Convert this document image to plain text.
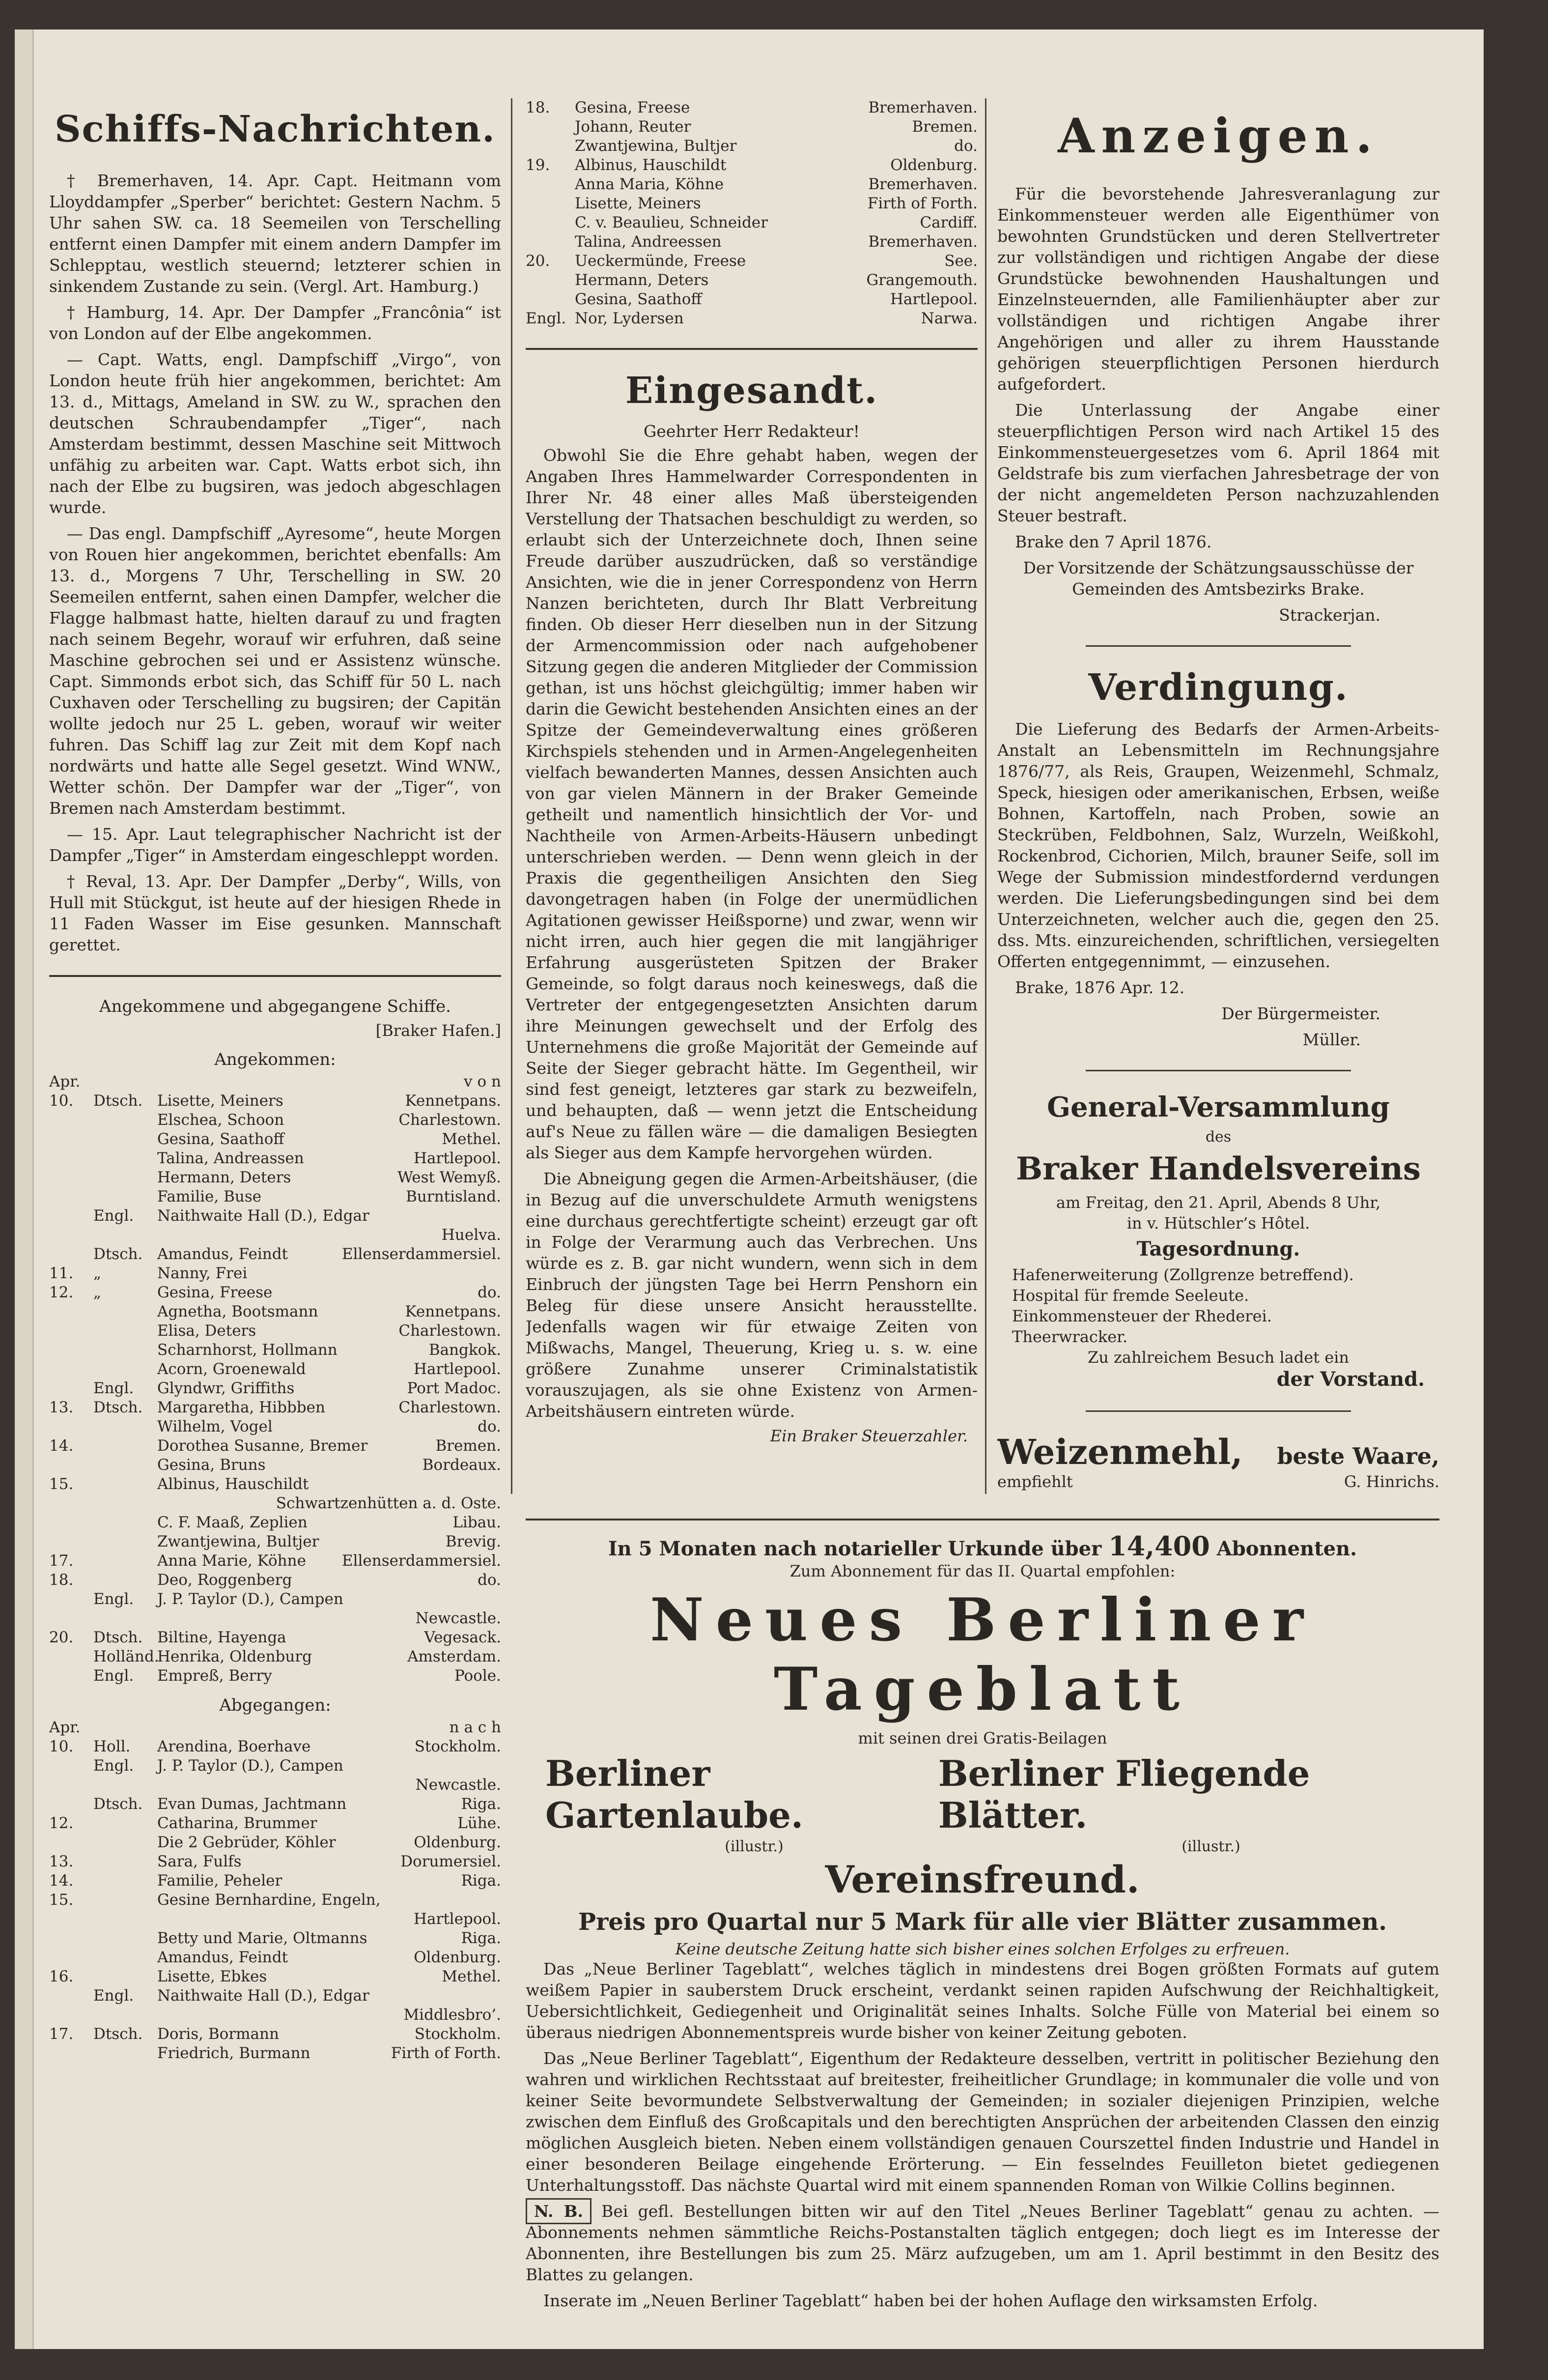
Schiffs-Nachrichten.

† Bremerhaven, 14. Apr. Capt. Heitmann vom Lloyddampfer „Sperber“ berichtet: Gestern Nachm. 5 Uhr sahen SW. ca. 18 Seemeilen von Terschelling entfernt einen Dampfer mit einem andern Dampfer im Schlepptau, westlich steuernd; letzterer schien in sinkendem Zustande zu sein. (Vergl. Art. Hamburg.)

† Hamburg, 14. Apr. Der Dampfer „Francônia“ ist von London auf der Elbe angekommen.

— Capt. Watts, engl. Dampfschiff „Virgo“, von London heute früh hier angekommen, berichtet: Am 13. d., Mittags, Ameland in SW. zu W., sprachen den deutschen Schraubendampfer „Tiger“, nach Amsterdam bestimmt, dessen Maschine seit Mittwoch unfähig zu arbeiten war. Capt. Watts erbot sich, ihn nach der Elbe zu bugsiren, was jedoch abgeschlagen wurde.

— Das engl. Dampfschiff „Ayresome“, heute Morgen von Rouen hier angekommen, berichtet ebenfalls: Am 13. d., Morgens 7 Uhr, Terschelling in SW. 20 Seemeilen entfernt, sahen einen Dampfer, welcher die Flagge halbmast hatte, hielten darauf zu und fragten nach seinem Begehr, worauf wir erfuhren, daß seine Maschine gebrochen sei und er Assistenz wünsche. Capt. Simmonds erbot sich, das Schiff für 50 L. nach Cuxhaven oder Terschelling zu bugsiren; der Capitän wollte jedoch nur 25 L. geben, worauf wir weiter fuhren. Das Schiff lag zur Zeit mit dem Kopf nach nordwärts und hatte alle Segel gesetzt. Wind WNW., Wetter schön. Der Dampfer war der „Tiger“, von Bremen nach Amsterdam bestimmt.

— 15. Apr. Laut telegraphischer Nachricht ist der Dampfer „Tiger“ in Amsterdam eingeschleppt worden.

† Reval, 13. Apr. Der Dampfer „Derby“, Wills, von Hull mit Stückgut, ist heute auf der hiesigen Rhede in 11 Faden Wasser im Eise gesunken. Mannschaft gerettet.

Angekommene und abgegangene Schiffe.
[Braker Hafen.]
Angekommen:
Apr.	v o n
10.	Dtsch. Lisette, Meiners	Kennetpans.
Elschea, Schoon	Charlestown.
Gesina, Saathoff	Methel.
Talina, Andreassen	Hartlepool.
Hermann, Deters	West Wemyß.
Familie, Buse	Burntisland.
Engl.	Naithwaite Hall (D.), Edgar
Huelva.
Dtsch. Amandus, Feindt	Ellenserdammersiel.
11.	„	Nanny, Frei
12.	„	Gesina, Freese	do.
Agnetha, Bootsmann	Kennetpans.
Elisa, Deters	Charlestown.
Scharnhorst, Hollmann	Bangkok.
Acorn, Groenewald	Hartlepool.
Engl.	Glyndwr, Griffiths	Port Madoc.
13.	Dtsch. Margaretha, Hibbben	Charlestown.
Wilhelm, Vogel	do.
14.	Dorothea Susanne, Bremer	Bremen.
Gesina, Bruns	Bordeaux.
15.	Albinus, Hauschildt
Schwartzenhütten a. d. Oste.
C. F. Maaß, Zeplien	Libau.
Zwantjewina, Bultjer	Brevig.
17.	Anna Marie, Köhne	Ellenserdammersiel.
18.	Deo, Roggenberg	do.
Engl.	J. P. Taylor (D.), Campen
Newcastle.
20.	Dtsch. Biltine, Hayenga	Vegesack.
Holländ.
Henrika, Oldenburg	Amsterdam.
Engl.	Empreß, Berry	Poole.
Abgegangen:
Apr.	n a c h
10.	Holl.	Arendina, Boerhave	Stockholm.
Engl.	J. P. Taylor (D.), Campen
Newcastle.
Dtsch. Evan Dumas, Jachtmann	Riga.
12.	Catharina, Brummer	Lühe.
Die 2 Gebrüder, Köhler	Oldenburg.
13.	Sara, Fulfs	Dorumersiel.
14.	Familie, Peheler	Riga.
15.	Gesine Bernhardine, Engeln,
Hartlepool.
Betty und Marie, Oltmanns	Riga.
Amandus, Feindt	Oldenburg.
16.	Lisette, Ebkes	Methel.
Engl.	Naithwaite Hall (D.), Edgar
Middlesbro’.
17.	Dtsch. Doris, Bormann	Stockholm.
Friedrich, Burmann	Firth of Forth.
18.	Gesina, Freese	Bremerhaven.
Johann, Reuter	Bremen.
Zwantjewina, Bultjer	do.
19.	Albinus, Hauschildt	Oldenburg.
Anna Maria, Köhne	Bremerhaven.
Lisette, Meiners	Firth of Forth.
C. v. Beaulieu, Schneider	Cardiff.
Talina, Andreessen	Bremerhaven.
20.	Ueckermünde, Freese	See.
Hermann, Deters	Grangemouth.
Gesina, Saathoff	Hartlepool.
Engl. Nor, Lydersen	Narwa.
Eingesandt.
Geehrter Herr Redakteur!

Obwohl Sie die Ehre gehabt haben, wegen der Angaben Ihres Hammelwarder Correspondenten in Ihrer Nr. 48 einer alles Maß übersteigenden Verstellung der Thatsachen beschuldigt zu werden, so erlaubt sich der Unterzeichnete doch, Ihnen seine Freude darüber auszudrücken, daß so verständige Ansichten, wie die in jener Correspondenz von Herrn Nanzen berichteten, durch Ihr Blatt Verbreitung finden. Ob dieser Herr dieselben nun in der Sitzung der Armencommission oder nach aufgehobener Sitzung gegen die anderen Mitglieder der Commission gethan, ist uns höchst gleichgültig; immer haben wir darin die Gewicht bestehenden Ansichten eines an der Spitze der Gemeindeverwaltung eines größeren Kirchspiels stehenden und in Armen-Angelegenheiten vielfach bewanderten Mannes, dessen Ansichten auch von gar vielen Männern in der Braker Gemeinde getheilt und namentlich hinsichtlich der Vor- und Nachtheile von Armen-Arbeits-Häusern unbedingt unterschrieben werden. — Denn wenn gleich in der Praxis die gegentheiligen Ansichten den Sieg davongetragen haben (in Folge der unermüdlichen Agitationen gewisser Heißsporne) und zwar, wenn wir nicht irren, auch hier gegen die mit langjähriger Erfahrung ausgerüsteten Spitzen der Braker Gemeinde, so folgt daraus noch keineswegs, daß die Vertreter der entgegengesetzten Ansichten darum ihre Meinungen gewechselt und der Erfolg des Unternehmens die große Majorität der Gemeinde auf Seite der Sieger gebracht hätte. Im Gegentheil, wir sind fest geneigt, letzteres gar stark zu bezweifeln, und behaupten, daß — wenn jetzt die Entscheidung auf's Neue zu fällen wäre — die damaligen Besiegten als Sieger aus dem Kampfe hervorgehen würden.

Die Abneigung gegen die Armen-Arbeitshäuser, (die in Bezug auf die unverschuldete Armuth wenigstens eine durchaus gerechtfertigte scheint) erzeugt gar oft in Folge der Verarmung auch das Verbrechen. Uns würde es z. B. gar nicht wundern, wenn sich in dem Einbruch der jüngsten Tage bei Herrn Penshorn ein Beleg für diese unsere Ansicht herausstellte. Jedenfalls wagen wir für etwaige Zeiten von Mißwachs, Mangel, Theuerung, Krieg u. s. w. eine größere Zunahme unserer Criminalstatistik vorauszujagen, als sie ohne Existenz von Armen-Arbeitshäusern eintreten würde.

Ein Braker Steuerzahler.
Anzeigen.

Für die bevorstehende Jahresveranlagung zur Einkommensteuer werden alle Eigenthümer von bewohnten Grundstücken und deren Stellvertreter zur vollständigen und richtigen Angabe der diese Grundstücke bewohnenden Haushaltungen und Einzelnsteuernden, alle Familienhäupter aber zur vollständigen und richtigen Angabe ihrer Angehörigen und aller zu ihrem Hausstande gehörigen steuerpflichtigen Personen hierdurch aufgefordert.

Die Unterlassung der Angabe einer steuerpflichtigen Person wird nach Artikel 15 des Einkommensteuergesetzes vom 6. April 1864 mit Geldstrafe bis zum vierfachen Jahresbetrage der von der nicht angemeldeten Person nachzuzahlenden Steuer bestraft.

Brake den 7 April 1876.

Der Vorsitzende der Schätzungsausschüsse der Gemeinden des Amtsbezirks Brake.

Strackerjan.

Verdingung.

Die Lieferung des Bedarfs der Armen-Arbeits-Anstalt an Lebensmitteln im Rechnungsjahre 1876/77, als Reis, Graupen, Weizenmehl, Schmalz, Speck, hiesigen oder amerikanischen, Erbsen, weiße Bohnen, Kartoffeln, nach Proben, sowie an Steckrüben, Feldbohnen, Salz, Wurzeln, Weißkohl, Rockenbrod, Cichorien, Milch, brauner Seife, soll im Wege der Submission mindestfordernd verdungen werden. Die Lieferungsbedingungen sind bei dem Unterzeichneten, welcher auch die, gegen den 25. dss. Mts. einzureichenden, schriftlichen, versiegelten Offerten entgegennimmt, — einzusehen.

Brake, 1876 Apr. 12.

Der Bürgermeister.

Müller.

General-Versammlung
des
Braker Handelsvereins
am Freitag, den 21. April, Abends 8 Uhr,
in v. Hütschler’s Hôtel.
Tagesordnung.
Hafenerweiterung (Zollgrenze betreffend).
Hospital für fremde Seeleute.
Einkommensteuer der Rhederei.
Theerwracker.
Zu zahlreichem Besuch ladet ein
der Vorstand.
Weizenmehl, beste Waare,
empfiehlt	G. Hinrichs.
In 5 Monaten nach notarieller Urkunde über 14,400 Abonnenten.
Zum Abonnement für das II. Quartal empfohlen:
Neues Berliner Tageblatt
mit seinen drei Gratis-Beilagen
Berliner Gartenlaube.
Berliner Fliegende Blätter.
(illustr.)	(illustr.)
Vereinsfreund.
Preis pro Quartal nur 5 Mark für alle vier Blätter zusammen.
Keine deutsche Zeitung hatte sich bisher eines solchen Erfolges zu erfreuen.

Das „Neue Berliner Tageblatt“, welches täglich in mindestens drei Bogen größten Formats auf gutem weißem Papier in sauberstem Druck erscheint, verdankt seinen rapiden Aufschwung der Reichhaltigkeit, Uebersichtlichkeit, Gediegenheit und Originalität seines Inhalts. Solche Fülle von Material bei einem so überaus niedrigen Abonnementspreis wurde bisher von keiner Zeitung geboten.

Das „Neue Berliner Tageblatt“, Eigenthum der Redakteure desselben, vertritt in politischer Beziehung den wahren und wirklichen Rechtsstaat auf breitester, freiheitlicher Grundlage; in kommunaler die volle und von keiner Seite bevormundete Selbstverwaltung der Gemeinden; in sozialer diejenigen Prinzipien, welche zwischen dem Einfluß des Großcapitals und den berechtigten Ansprüchen der arbeitenden Classen den einzig möglichen Ausgleich bieten. Neben einem vollständigen genauen Courszettel finden Industrie und Handel in einer besonderen Beilage eingehende Erörterung. — Ein fesselndes Feuilleton bietet gediegenen Unterhaltungsstoff. Das nächste Quartal wird mit einem spannenden Roman von Wilkie Collins beginnen.

N. B. Bei gefl. Bestellungen bitten wir auf den Titel „Neues Berliner Tageblatt“ genau zu achten. — Abonnements nehmen sämmtliche Reichs-Postanstalten täglich entgegen; doch liegt es im Interesse der Abonnenten, ihre Bestellungen bis zum 25. März aufzugeben, um am 1. April bestimmt in den Besitz des Blattes zu gelangen.

Inserate im „Neuen Berliner Tageblatt“ haben bei der hohen Auflage den wirksamsten Erfolg.
